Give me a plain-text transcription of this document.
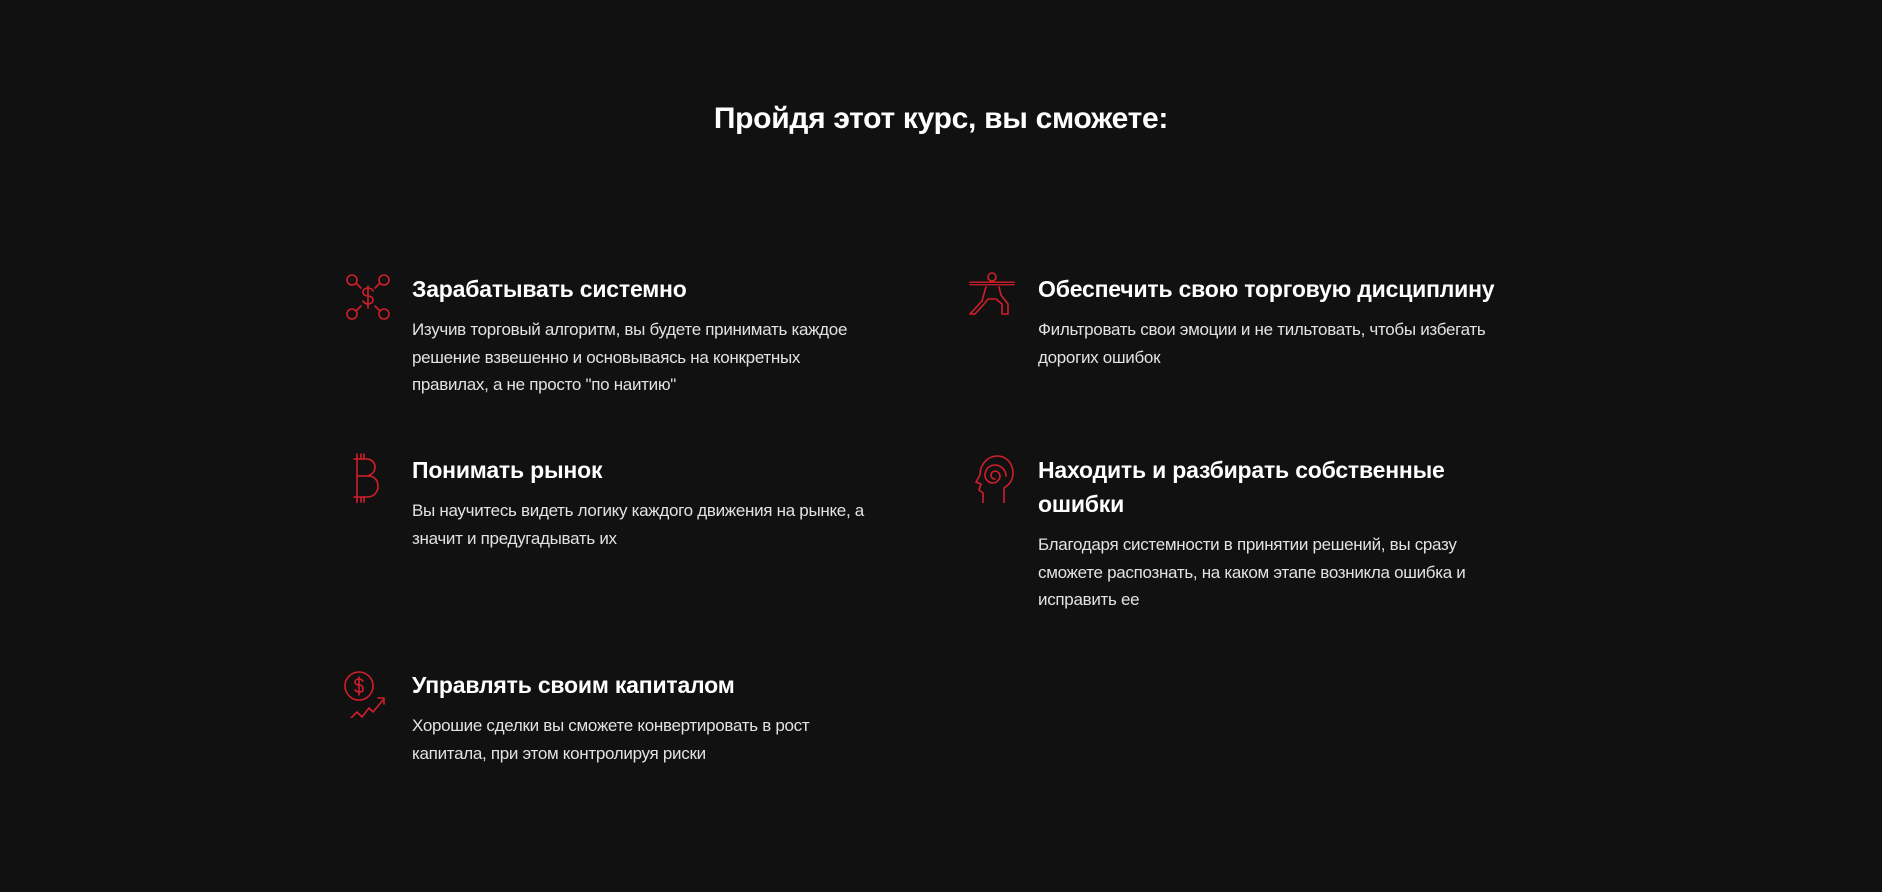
Пройдя этот курс, вы сможете:
Зарабатывать системно
Изучив торговый алгоритм, вы будете принимать каждое
решение взвешенно и основываясь на конкретных
правилах, а не просто "по наитию"
Обеспечить свою торговую дисциплину
Фильтровать свои эмоции и не тильтовать, чтобы избегать
дорогих ошибок
Понимать рынок
Вы научитесь видеть логику каждого движения на рынке, а
значит и предугадывать их
Находить и разбирать собственные
ошибки
Благодаря системности в принятии решений, вы сразу
сможете распознать, на каком этапе возникла ошибка и
исправить ее
Управлять своим капиталом
Хорошие сделки вы сможете конвертировать в рост
капитала, при этом контролируя риски
